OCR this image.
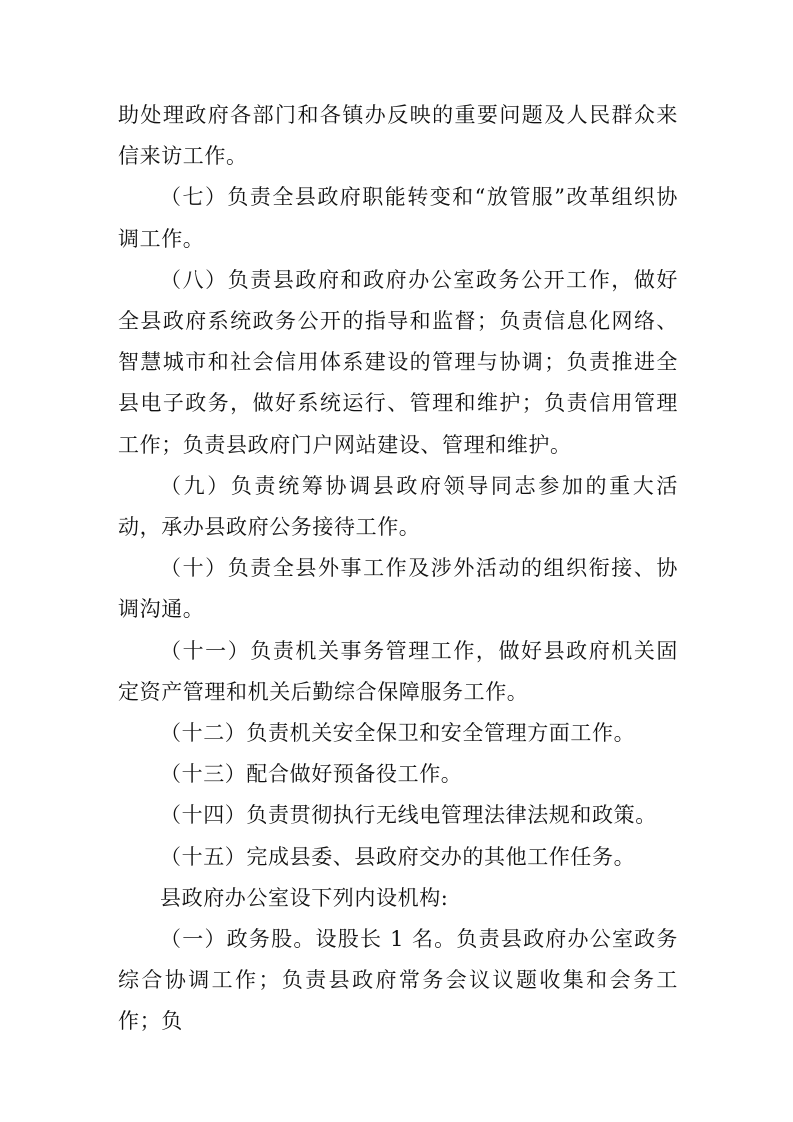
助处理政府各部门和各镇办反映的重要问题及人民群众来信来访工作。

（七）负责全县政府职能转变和“放管服”改革组织协调工作。

（八）负责县政府和政府办公室政务公开工作，做好全县政府系统政务公开的指导和监督；负责信息化网络、智慧城市和社会信用体系建设的管理与协调；负责推进全县电子政务，做好系统运行、管理和维护；负责信用管理工作；负责县政府门户网站建设、管理和维护。

（九）负责统筹协调县政府领导同志参加的重大活动，承办县政府公务接待工作。

（十）负责全县外事工作及涉外活动的组织衔接、协调沟通。

（十一）负责机关事务管理工作，做好县政府机关固定资产管理和机关后勤综合保障服务工作。

（十二）负责机关安全保卫和安全管理方面工作。

（十三）配合做好预备役工作。

（十四）负责贯彻执行无线电管理法律法规和政策。

（十五）完成县委、县政府交办的其他工作任务。

县政府办公室设下列内设机构:

（一）政务股。设股长 1 名。负责县政府办公室政务综合协调工作；负责县政府常务会议议题收集和会务工作；负
